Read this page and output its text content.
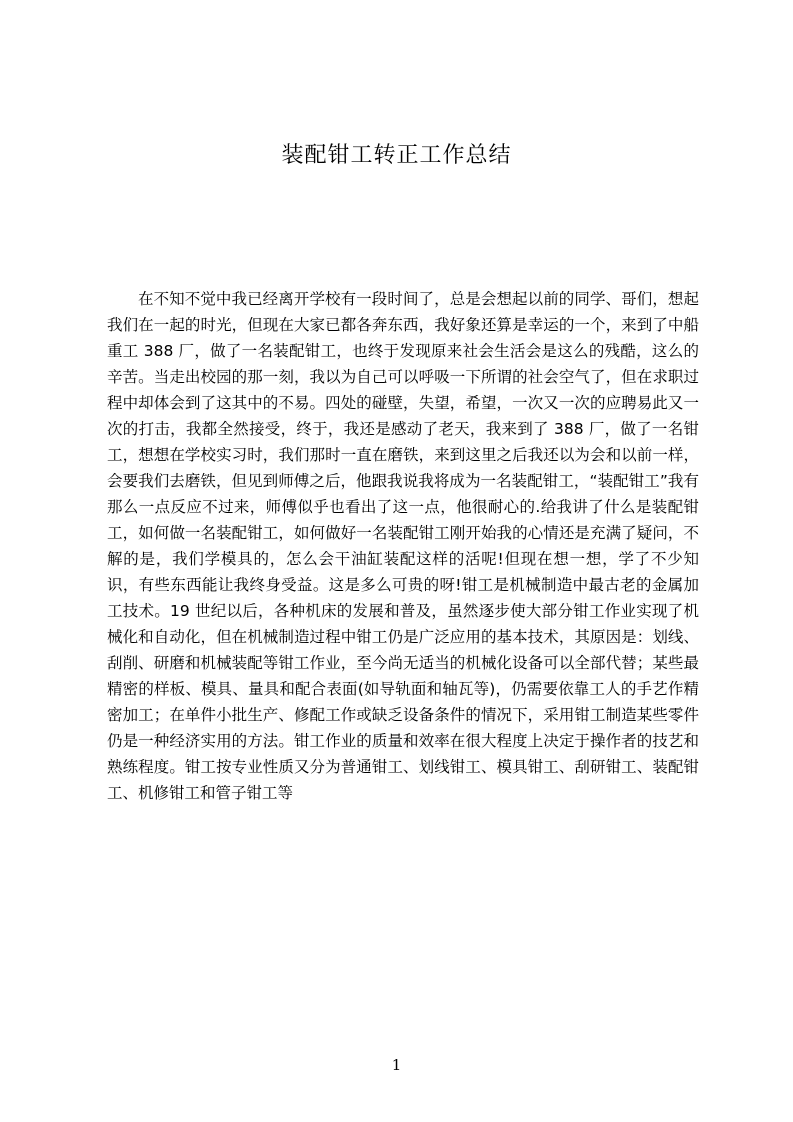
装配钳工转正工作总结

在不知不觉中我已经离开学校有一段时间了，总是会想起以前的同学、哥们，想起我们在一起的时光，但现在大家已都各奔东西，我好象还算是幸运的一个，来到了中船重工 388 厂，做了一名装配钳工，也终于发现原来社会生活会是这么的残酷，这么的辛苦。当走出校园的那一刻，我以为自己可以呼吸一下所谓的社会空气了，但在求职过程中却体会到了这其中的不易。四处的碰壁，失望，希望，一次又一次的应聘易此又一次的打击，我都全然接受，终于，我还是感动了老天，我来到了 388 厂，做了一名钳工，想想在学校实习时，我们那时一直在磨铁，来到这里之后我还以为会和以前一样，会要我们去磨铁，但见到师傅之后，他跟我说我将成为一名装配钳工，“装配钳工”我有那么一点反应不过来，师傅似乎也看出了这一点，他很耐心的.给我讲了什么是装配钳工，如何做一名装配钳工，如何做好一名装配钳工刚开始我的心情还是充满了疑问，不解的是，我们学模具的，怎么会干油缸装配这样的活呢!但现在想一想，学了不少知识，有些东西能让我终身受益。这是多么可贵的呀!钳工是机械制造中最古老的金属加工技术。19 世纪以后，各种机床的发展和普及，虽然逐步使大部分钳工作业实现了机械化和自动化，但在机械制造过程中钳工仍是广泛应用的基本技术，其原因是：划线、刮削、研磨和机械装配等钳工作业，至今尚无适当的机械化设备可以全部代替；某些最精密的样板、模具、量具和配合表面(如导轨面和轴瓦等)，仍需要依靠工人的手艺作精密加工；在单件小批生产、修配工作或缺乏设备条件的情况下，采用钳工制造某些零件仍是一种经济实用的方法。钳工作业的质量和效率在很大程度上决定于操作者的技艺和熟练程度。钳工按专业性质又分为普通钳工、划线钳工、模具钳工、刮研钳工、装配钳工、机修钳工和管子钳工等

1
